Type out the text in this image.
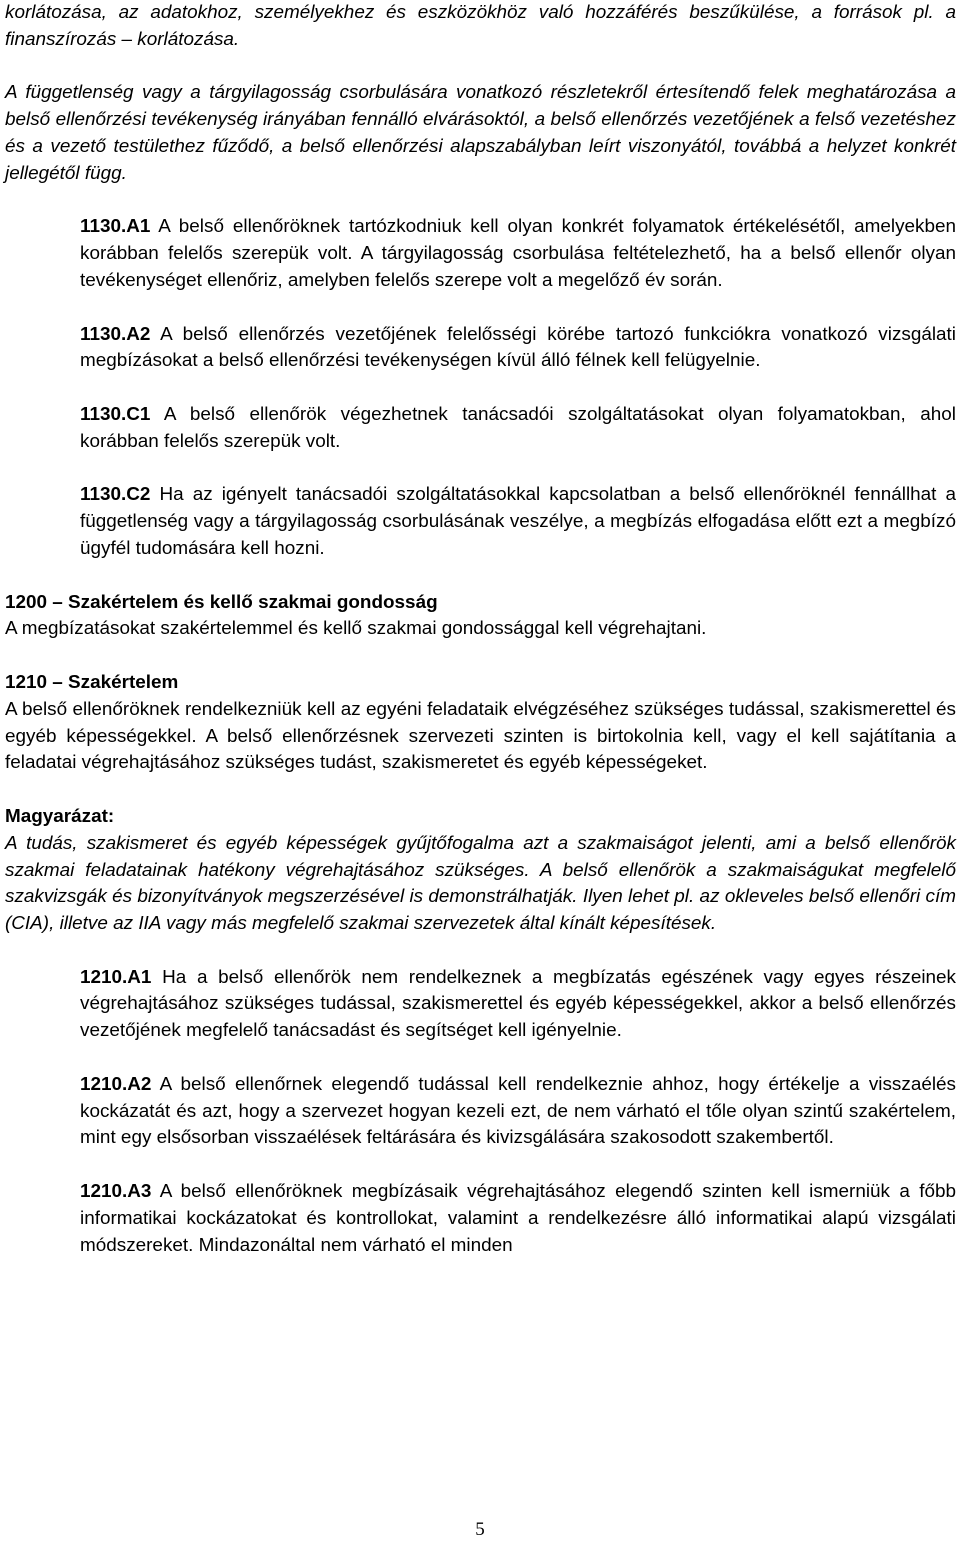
korlátozása, az adatokhoz, személyekhez és eszközökhöz való hozzáférés beszűkülése, a források pl. a finanszírozás – korlátozása.

A függetlenség vagy a tárgyilagosság csorbulására vonatkozó részletekről értesítendő felek meghatározása a belső ellenőrzési tevékenység irányában fennálló elvárásoktól, a belső ellenőrzés vezetőjének a felső vezetéshez és a vezető testülethez fűződő, a belső ellenőrzési alapszabályban leírt viszonyától, továbbá a helyzet konkrét jellegétől függ.

1130.A1 A belső ellenőröknek tartózkodniuk kell olyan konkrét folyamatok értékelésétől, amelyekben korábban felelős szerepük volt. A tárgyilagosság csorbulása feltételezhető, ha a belső ellenőr olyan tevékenységet ellenőriz, amelyben felelős szerepe volt a megelőző év során.

1130.A2 A belső ellenőrzés vezetőjének felelősségi körébe tartozó funkciókra vonatkozó vizsgálati megbízásokat a belső ellenőrzési tevékenységen kívül álló félnek kell felügyelnie.

1130.C1 A belső ellenőrök végezhetnek tanácsadói szolgáltatásokat olyan folyamatokban, ahol korábban felelős szerepük volt.

1130.C2 Ha az igényelt tanácsadói szolgáltatásokkal kapcsolatban a belső ellenőröknél fennállhat a függetlenség vagy a tárgyilagosság csorbulásának veszélye, a megbízás elfogadása előtt ezt a megbízó ügyfél tudomására kell hozni.

1200 – Szakértelem és kellő szakmai gondosság

A megbízatásokat szakértelemmel és kellő szakmai gondossággal kell végrehajtani.

1210 – Szakértelem

A belső ellenőröknek rendelkezniük kell az egyéni feladataik elvégzéséhez szükséges tudással, szakismerettel és egyéb képességekkel. A belső ellenőrzésnek szervezeti szinten is birtokolnia kell, vagy el kell sajátítania a feladatai végrehajtásához szükséges tudást, szakismeretet és egyéb képességeket.

Magyarázat:

A tudás, szakismeret és egyéb képességek gyűjtőfogalma azt a szakmaiságot jelenti, ami a belső ellenőrök szakmai feladatainak hatékony végrehajtásához szükséges. A belső ellenőrök a szakmaiságukat megfelelő szakvizsgák és bizonyítványok megszerzésével is demonstrálhatják. Ilyen lehet pl. az okleveles belső ellenőri cím (CIA), illetve az IIA vagy más megfelelő szakmai szervezetek által kínált képesítések.

1210.A1 Ha a belső ellenőrök nem rendelkeznek a megbízatás egészének vagy egyes részeinek végrehajtásához szükséges tudással, szakismerettel és egyéb képességekkel, akkor a belső ellenőrzés vezetőjének megfelelő tanácsadást és segítséget kell igényelnie.

1210.A2 A belső ellenőrnek elegendő tudással kell rendelkeznie ahhoz, hogy értékelje a visszaélés kockázatát és azt, hogy a szervezet hogyan kezeli ezt, de nem várható el tőle olyan szintű szakértelem, mint egy elsősorban visszaélések feltárására és kivizsgálására szakosodott szakembertől.

1210.A3 A belső ellenőröknek megbízásaik végrehajtásához elegendő szinten kell ismerniük a főbb informatikai kockázatokat és kontrollokat, valamint a rendelkezésre álló informatikai alapú vizsgálati módszereket. Mindazonáltal nem várható el minden

5
